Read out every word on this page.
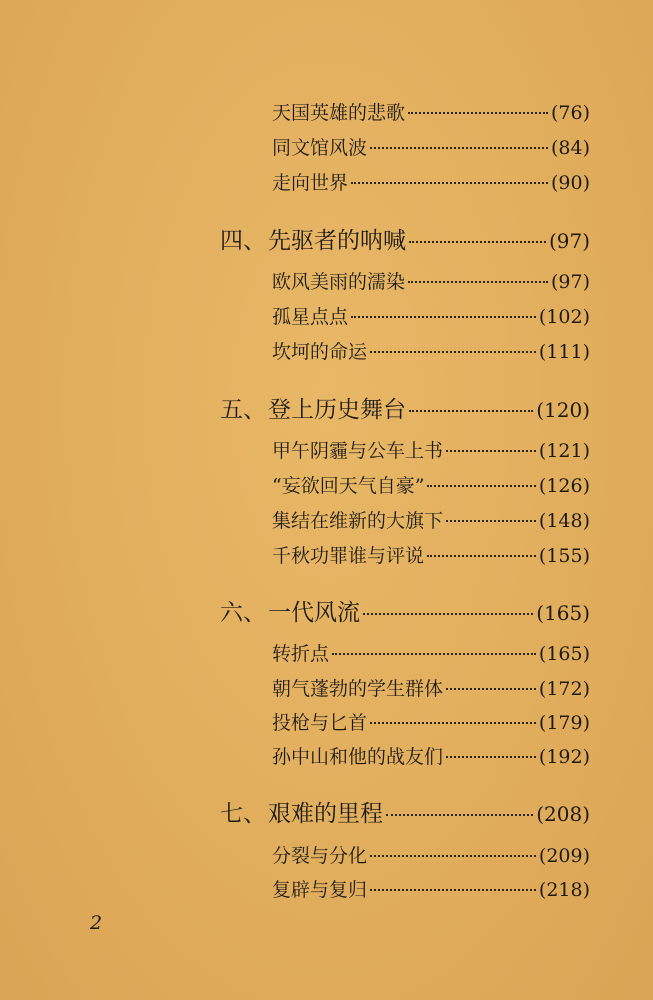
天国英雄的悲歌	(76)
同文馆风波	(84)
走向世界	(90)
四、 先驱者的呐喊	(97)
欧风美雨的濡染	(97)
孤星点点	(102)
坎坷的命运	(111)
五、 登上历史舞台	(120)
甲午阴霾与公车上书	(121)
“妄欲回天气自豪”	(126)
集结在维新的大旗下	(148)
千秋功罪谁与评说	(155)
六、 一代风流	(165)
转折点	(165)
朝气蓬勃的学生群体	(172)
投枪与匕首	(179)
孙中山和他的战友们	(192)
七、 艰难的里程	(208)
分裂与分化	(209)
复辟与复归	(218)
2
